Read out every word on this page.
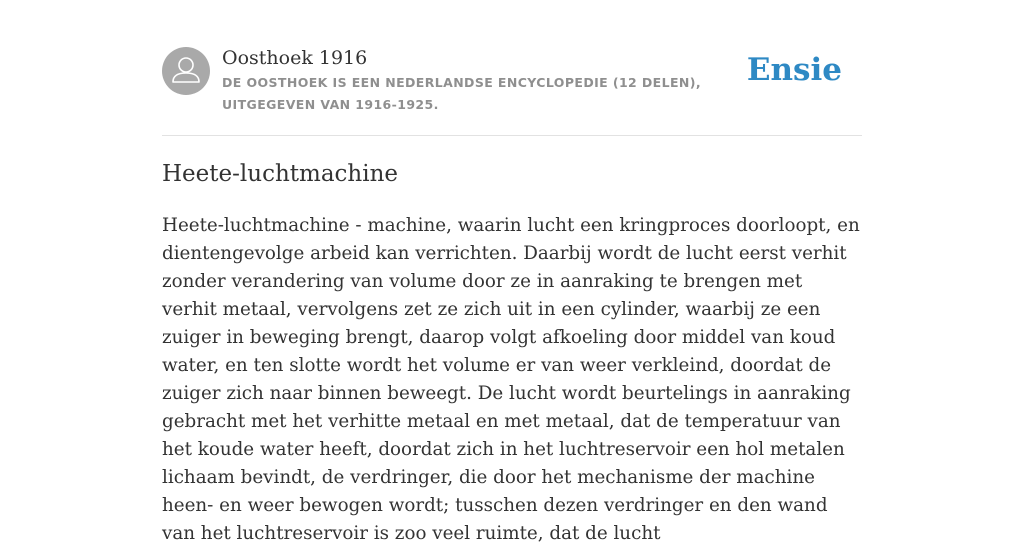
Oosthoek 1916
DE OOSTHOEK IS EEN NEDERLANDSE ENCYCLOPEDIE (12 DELEN), UITGEGEVEN VAN 1916-1925.
Ensie
Heete-luchtmachine

Heete-luchtmachine - machine, waarin lucht een kringproces doorloopt, en dientengevolge arbeid kan verrichten. Daarbij wordt de lucht eerst verhit zonder verandering van volume door ze in aanraking te brengen met verhit metaal, vervolgens zet ze zich uit in een cylinder, waarbij ze een zuiger in beweging brengt, daarop volgt afkoeling door middel van koud water, en ten slotte wordt het volume er van weer verkleind, doordat de zuiger zich naar binnen beweegt. De lucht wordt beurtelings in aanraking gebracht met het verhitte metaal en met metaal, dat de temperatuur van het koude water heeft, doordat zich in het luchtreservoir een hol metalen lichaam bevindt, de verdringer, die door het mechanisme der machine heen- en weer bewogen wordt; tusschen dezen verdringer en den wand van het luchtreservoir is zoo veel ruimte, dat de lucht
